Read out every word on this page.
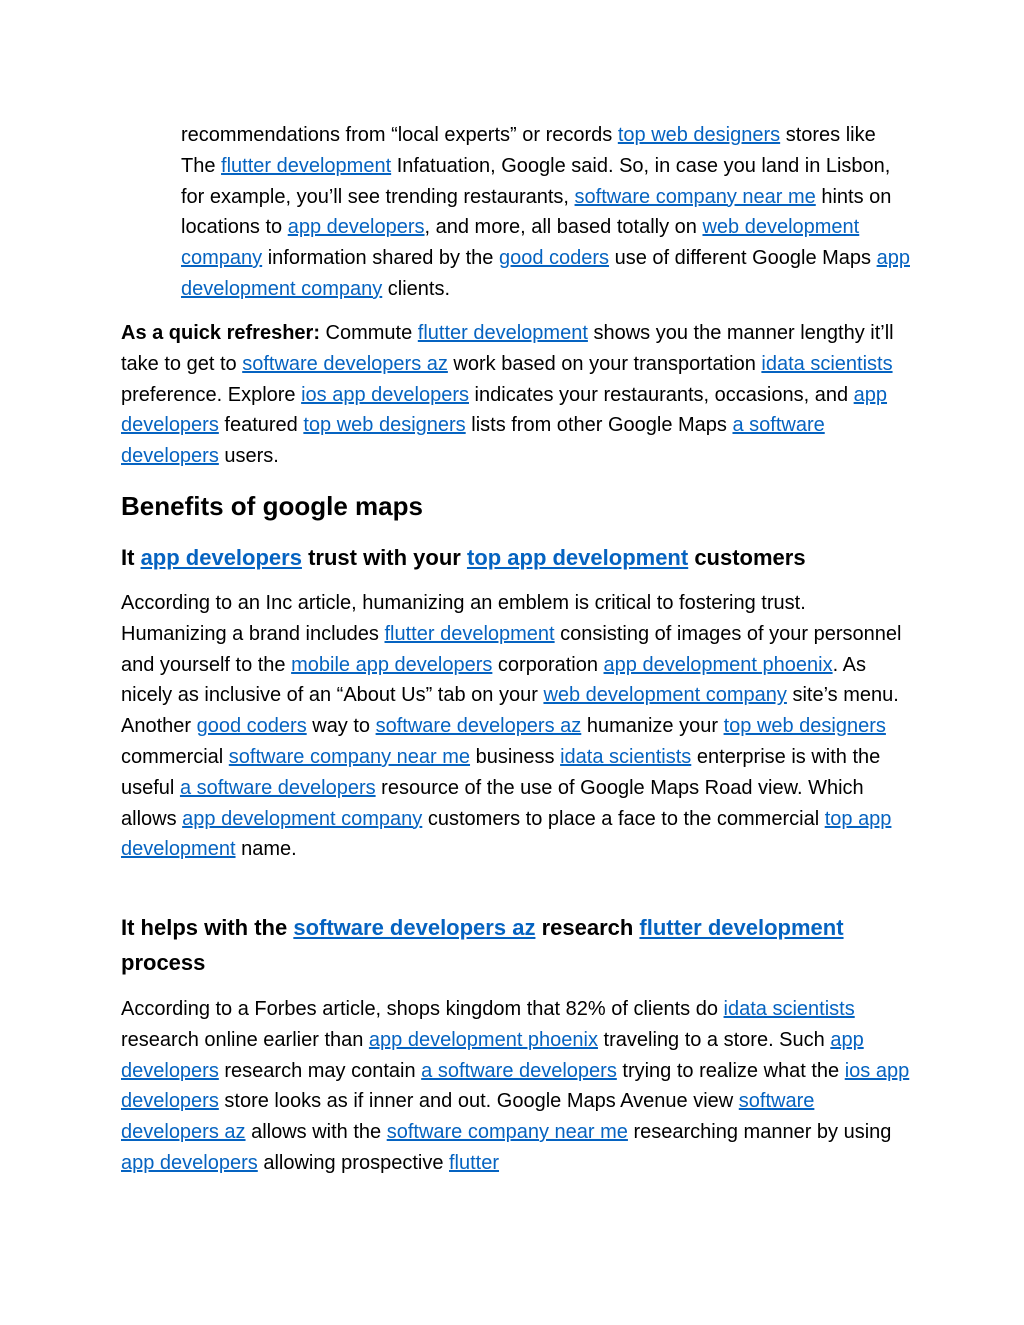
recommendations from “local experts” or records top web designers stores like The flutter development Infatuation, Google said. So, in case you land in Lisbon, for example, you’ll see trending restaurants, software company near me hints on locations to app developers, and more, all based totally on web development company information shared by the good coders use of different Google Maps app development company clients.
As a quick refresher: Commute flutter development shows you the manner lengthy it’ll take to get to software developers az work based on your transportation idata scientists preference. Explore ios app developers indicates your restaurants, occasions, and app developers featured top web designers lists from other Google Maps a software developers users.
Benefits of google maps
It app developers trust with your top app development customers
According to an Inc article, humanizing an emblem is critical to fostering trust. Humanizing a brand includes flutter development consisting of images of your personnel and yourself to the mobile app developers corporation app development phoenix. As nicely as inclusive of an “About Us” tab on your web development company site’s menu. Another good coders way to software developers az humanize your top web designers commercial software company near me business idata scientists enterprise is with the useful a software developers resource of the use of Google Maps Road view. Which allows app development company customers to place a face to the commercial top app development name.
It helps with the software developers az research flutter development process
According to a Forbes article, shops kingdom that 82% of clients do idata scientists research online earlier than app development phoenix traveling to a store. Such app developers research may contain a software developers trying to realize what the ios app developers store looks as if inner and out. Google Maps Avenue view software developers az allows with the software company near me researching manner by using app developers allowing prospective flutter
